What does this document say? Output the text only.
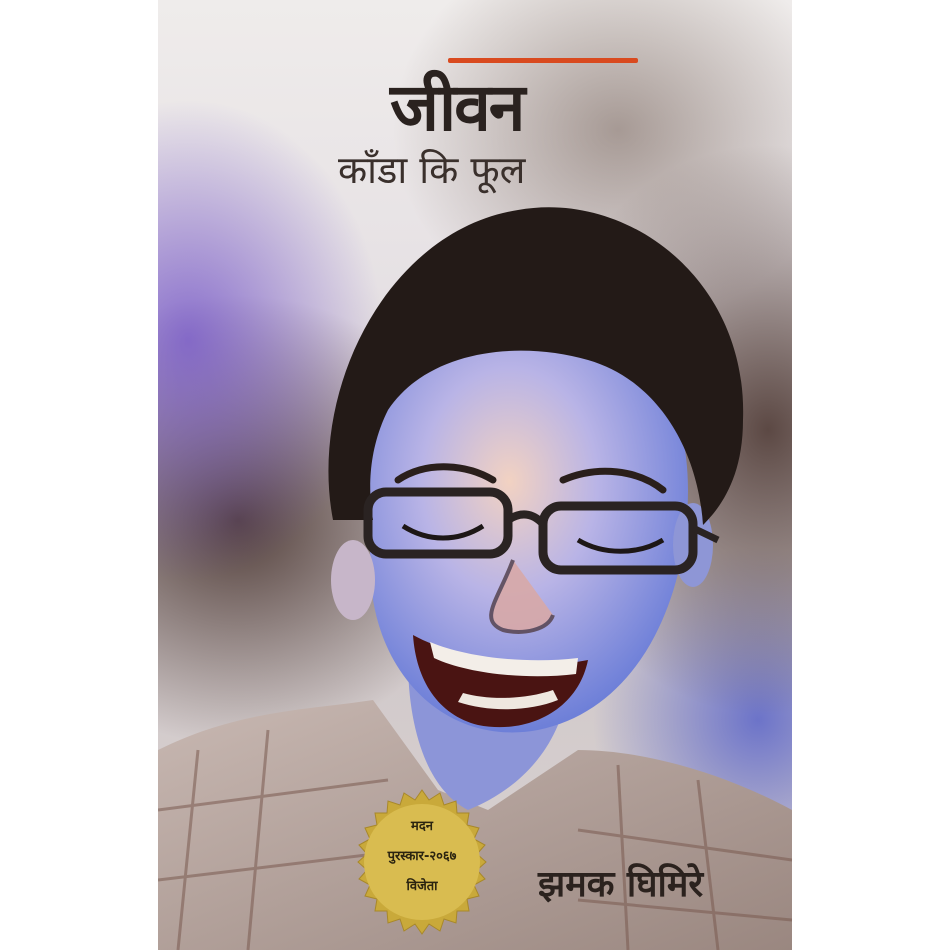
जीवन
काँडा कि फूल
मदन
पुरस्कार-२०६७
विजेता	झमक घिमिरे
